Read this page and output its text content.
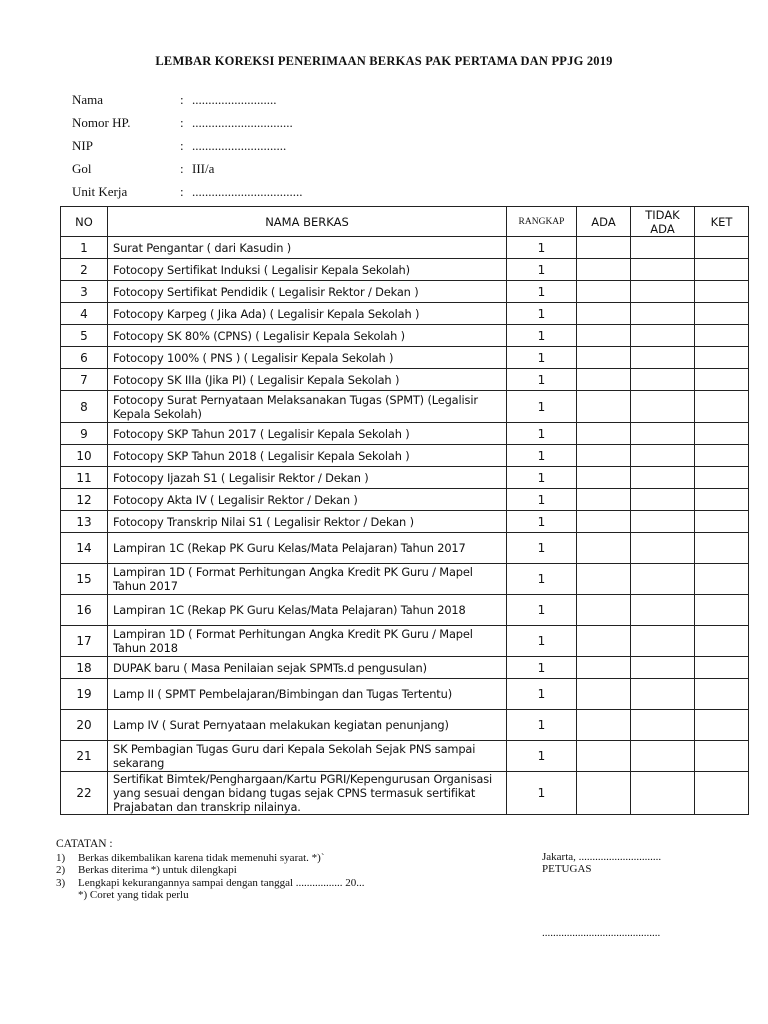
LEMBAR KOREKSI PENERIMAAN BERKAS PAK PERTAMA DAN PPJG 2019
Nama	: ..........................
Nomor HP.	: ...............................
NIP	: .............................
Gol	: III/a
Unit Kerja	: ..................................
NO	NAMA BERKAS	RANGKAP	ADA	TIDAK ADA	KET
1	Surat Pengantar ( dari Kasudin )	1			
2	Fotocopy Sertifikat Induksi ( Legalisir Kepala Sekolah)	1			
3	Fotocopy Sertifikat Pendidik ( Legalisir Rektor / Dekan )	1			
4	Fotocopy Karpeg ( Jika Ada) ( Legalisir Kepala Sekolah )	1			
5	Fotocopy SK 80% (CPNS) ( Legalisir Kepala Sekolah )	1			
6	Fotocopy 100% ( PNS ) ( Legalisir Kepala Sekolah )	1			
7	Fotocopy SK IIIa (Jika PI) ( Legalisir Kepala Sekolah )	1			
8	Fotocopy Surat Pernyataan Melaksanakan Tugas (SPMT) (Legalisir Kepala Sekolah)	1			
9	Fotocopy SKP Tahun 2017 ( Legalisir Kepala Sekolah )	1			
10	Fotocopy SKP Tahun 2018 ( Legalisir Kepala Sekolah )	1			
11	Fotocopy Ijazah S1 ( Legalisir Rektor / Dekan )	1			
12	Fotocopy Akta IV ( Legalisir Rektor / Dekan )	1			
13	Fotocopy Transkrip Nilai S1 ( Legalisir Rektor / Dekan )	1			
14	Lampiran 1C (Rekap PK Guru Kelas/Mata Pelajaran) Tahun 2017	1			
15	Lampiran 1D ( Format Perhitungan Angka Kredit PK Guru / Mapel Tahun 2017	1			
16	Lampiran 1C (Rekap PK Guru Kelas/Mata Pelajaran) Tahun 2018	1			
17	Lampiran 1D ( Format Perhitungan Angka Kredit PK Guru / Mapel Tahun 2018	1			
18	DUPAK baru ( Masa Penilaian sejak SPMTs.d pengusulan)	1			
19	Lamp II ( SPMT Pembelajaran/Bimbingan dan Tugas Tertentu)	1			
20	Lamp IV ( Surat Pernyataan melakukan kegiatan penunjang)	1			
21	SK Pembagian Tugas Guru dari Kepala Sekolah Sejak PNS sampai sekarang	1			
22	Sertifikat Bimtek/Penghargaan/Kartu PGRI/Kepengurusan Organisasi yang sesuai dengan bidang tugas sejak CPNS termasuk sertifikat Prajabatan dan transkrip nilainya.	1			
CATATAN :
1) Berkas dikembalikan karena tidak memenuhi syarat. *)`
2) Berkas diterima *) untuk dilengkapi
3) Lengkapi kekurangannya sampai dengan tanggal ................. 20...
*) Coret yang tidak perlu
Jakarta, ..............................
PETUGAS
...........................................
